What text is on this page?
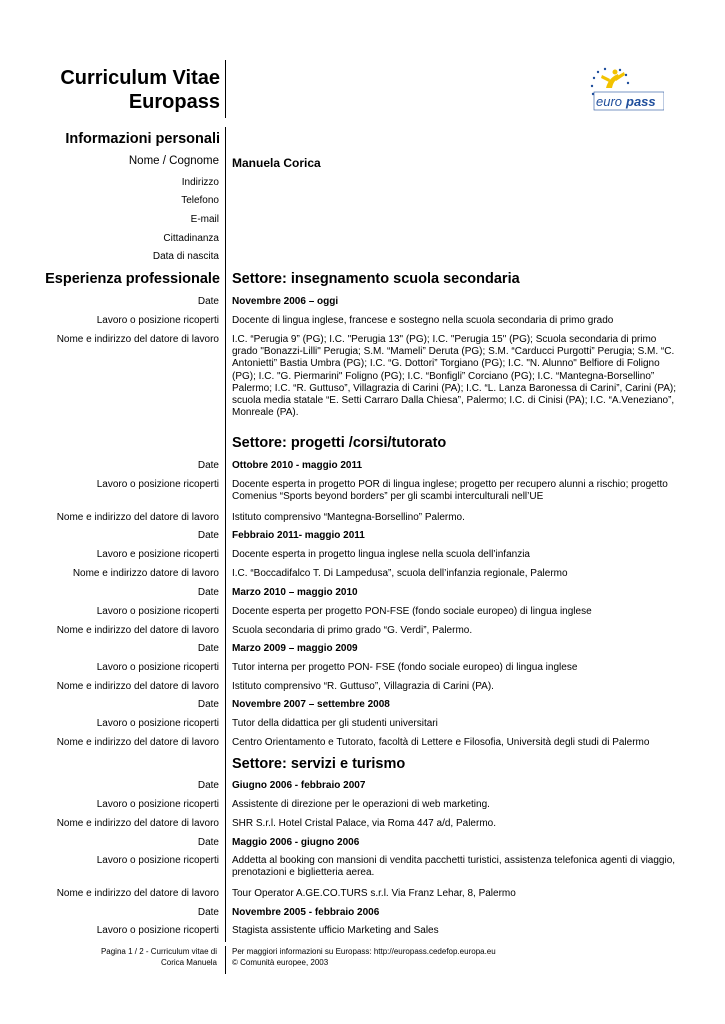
Curriculum Vitae
Europass	euro pass
Informazioni personali
Nome / Cognome Manuela Corica
Indirizzo
Telefono
E-mail
Cittadinanza
Data di nascita
Esperienza professionale Settore: insegnamento scuola secondaria
Date Novembre 2006 – oggi
Lavoro o posizione ricoperti Docente di lingua inglese, francese e sostegno nella scuola secondaria di primo grado
Nome e indirizzo del datore di lavoro I.C. “Perugia 9” (PG); I.C. "Perugia 13" (PG); I.C. "Perugia 15" (PG); Scuola secondaria di primo grado "Bonazzi-Lilli" Perugia; S.M. “Mameli” Deruta (PG); S.M. “Carducci Purgotti” Perugia; S.M. “C. Antonietti” Bastia Umbra (PG); I.C. “G. Dottori” Torgiano (PG); I.C. "N. Alunno" Belfiore di Foligno (PG); I.C. "G. Piermarini" Foligno (PG); I.C. “Bonfigli” Corciano (PG); I.C. “Mantegna-Borsellino” Palermo; I.C. “R. Guttuso”, Villagrazia di Carini (PA); I.C. “L. Lanza Baronessa di Carini”, Carini (PA); scuola media statale “E. Setti Carraro Dalla Chiesa”, Palermo; I.C. di Cinisi (PA); I.C. “A.Veneziano”, Monreale (PA).
Settore: progetti /corsi/tutorato
Date Ottobre 2010 - maggio 2011
Lavoro o posizione ricoperti Docente esperta in progetto POR di lingua inglese; progetto per recupero alunni a rischio; progetto Comenius “Sports beyond borders” per gli scambi interculturali nell’UE
Nome e indirizzo del datore di lavoro Istituto comprensivo “Mantegna-Borsellino” Palermo.
Date Febbraio 2011- maggio 2011
Lavoro e posizione ricoperti Docente esperta in progetto lingua inglese nella scuola dell’infanzia
Nome e indirizzo datore di lavoro I.C. “Boccadifalco T. Di Lampedusa”, scuola dell’infanzia regionale, Palermo
Date Marzo 2010 – maggio 2010
Lavoro o posizione ricoperti Docente esperta per progetto PON-FSE (fondo sociale europeo) di lingua inglese
Nome e indirizzo del datore di lavoro Scuola secondaria di primo grado “G. Verdi”, Palermo.
Date Marzo 2009 – maggio 2009
Lavoro o posizione ricoperti Tutor interna per progetto PON- FSE (fondo sociale europeo) di lingua inglese
Nome e indirizzo del datore di lavoro Istituto comprensivo “R. Guttuso”, Villagrazia di Carini (PA).
Date Novembre 2007 – settembre 2008
Lavoro o posizione ricoperti Tutor della didattica per gli studenti universitari
Nome e indirizzo del datore di lavoro Centro Orientamento e Tutorato, facoltà di Lettere e Filosofia, Università degli studi di Palermo
Settore: servizi e turismo
Date Giugno 2006 - febbraio 2007
Lavoro o posizione ricoperti Assistente di direzione per le operazioni di web marketing.
Nome e indirizzo del datore di lavoro SHR S.r.l. Hotel Cristal Palace, via Roma 447 a/d, Palermo.
Date Maggio 2006 - giugno 2006
Lavoro o posizione ricoperti Addetta al booking con mansioni di vendita pacchetti turistici, assistenza telefonica agenti di viaggio, prenotazioni e biglietteria aerea.
Nome e indirizzo del datore di lavoro Tour Operator A.GE.CO.TURS s.r.l. Via Franz Lehar, 8, Palermo
Date Novembre 2005 - febbraio 2006
Lavoro o posizione ricoperti Stagista assistente ufficio Marketing and Sales
Pagina 1 / 2 - Curriculum vitae di
Corica Manuela
Per maggiori informazioni su Europass: http://europass.cedefop.europa.eu
© Comunità europee, 2003
